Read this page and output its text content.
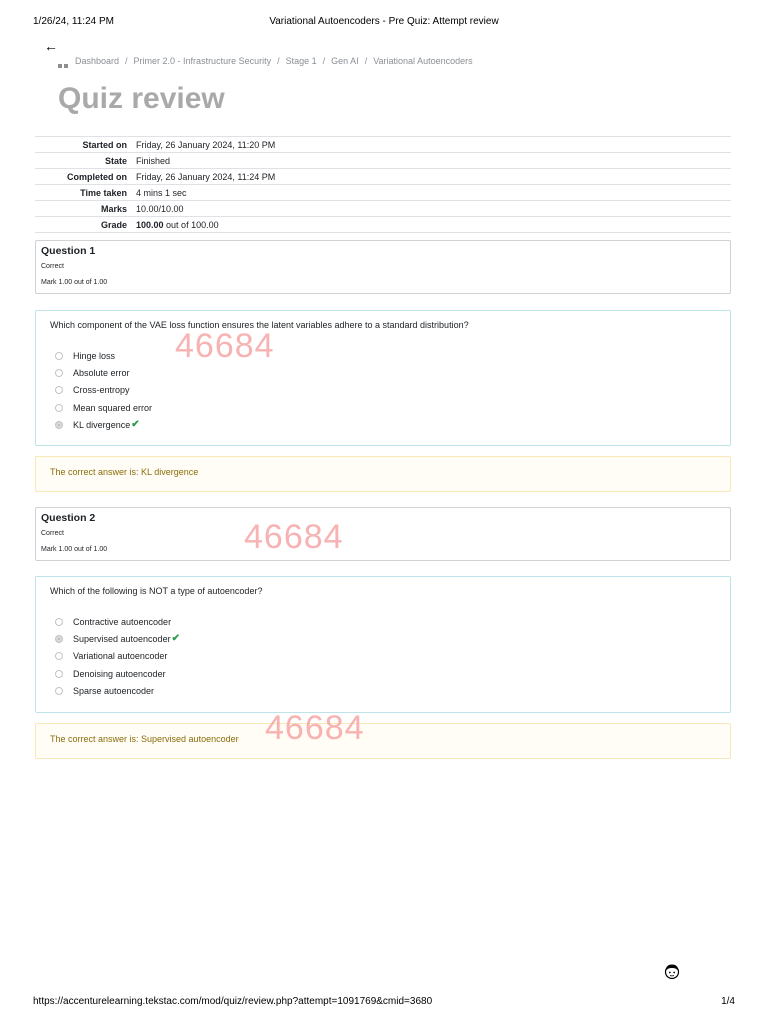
1/26/24, 11:24 PM	Variational Autoencoders - Pre Quiz: Attempt review
←
Dashboard / Primer 2.0 - Infrastructure Security / Stage 1 / Gen AI / Variational Autoencoders
Quiz review
Started on	Friday, 26 January 2024, 11:20 PM
State	Finished
Completed on	Friday, 26 January 2024, 11:24 PM
Time taken	4 mins 1 sec
Marks	10.00/10.00
Grade	100.00 out of 100.00
Question 1
Correct
Mark 1.00 out of 1.00
Which component of the VAE loss function ensures the latent variables adhere to a standard distribution?
Hinge loss
Absolute error
Cross-entropy
Mean squared error
KL divergence ✔
The correct answer is: KL divergence
Question 2
Correct
Mark 1.00 out of 1.00
Which of the following is NOT a type of autoencoder?
Contractive autoencoder
Supervised autoencoder ✔
Variational autoencoder
Denoising autoencoder
Sparse autoencoder
The correct answer is: Supervised autoencoder
46684
46684
46684
https://accenturelearning.tekstac.com/mod/quiz/review.php?attempt=1091769&cmid=3680	1/4
